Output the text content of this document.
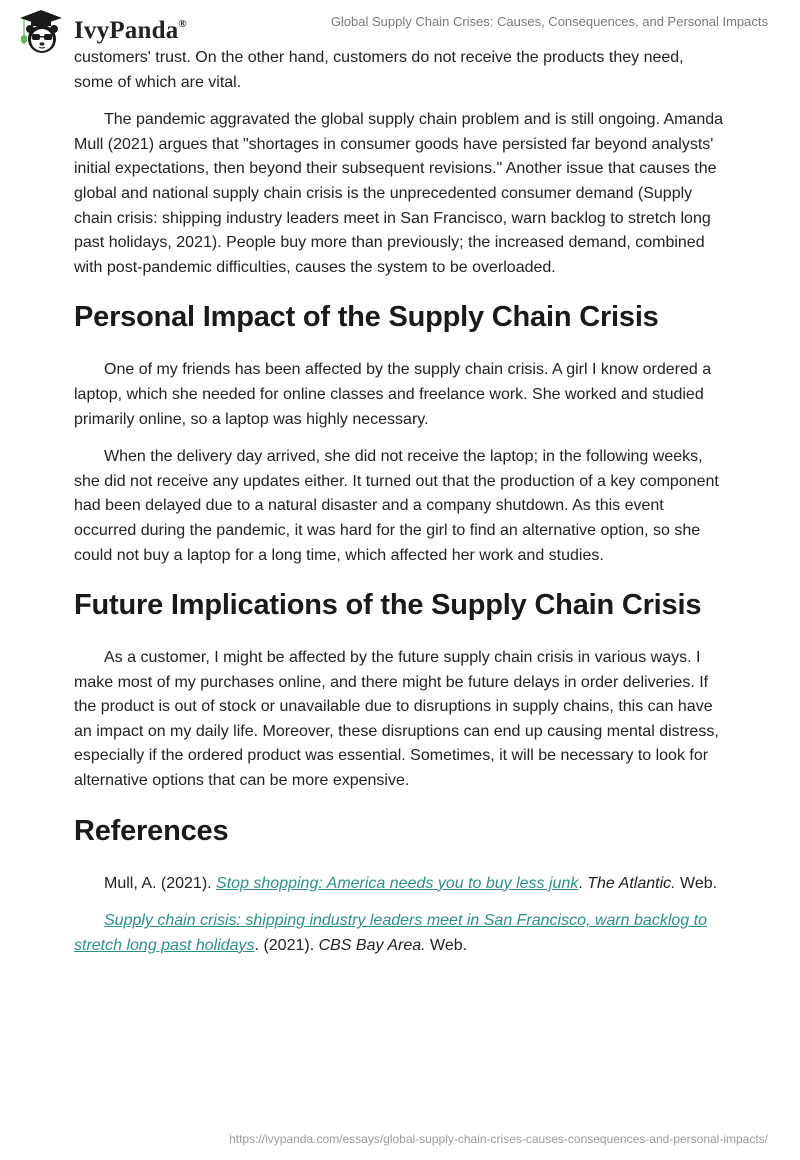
IvyPanda®	Global Supply Chain Crises: Causes, Consequences, and Personal Impacts

customers' trust. On the other hand, customers do not receive the products they need, some of which are vital.

The pandemic aggravated the global supply chain problem and is still ongoing. Amanda Mull (2021) argues that "shortages in consumer goods have persisted far beyond analysts' initial expectations, then beyond their subsequent revisions." Another issue that causes the global and national supply chain crisis is the unprecedented consumer demand (Supply chain crisis: shipping industry leaders meet in San Francisco, warn backlog to stretch long past holidays, 2021). People buy more than previously; the increased demand, combined with post-pandemic difficulties, causes the system to be overloaded.

Personal Impact of the Supply Chain Crisis

One of my friends has been affected by the supply chain crisis. A girl I know ordered a laptop, which she needed for online classes and freelance work. She worked and studied primarily online, so a laptop was highly necessary.

When the delivery day arrived, she did not receive the laptop; in the following weeks, she did not receive any updates either. It turned out that the production of a key component had been delayed due to a natural disaster and a company shutdown. As this event occurred during the pandemic, it was hard for the girl to find an alternative option, so she could not buy a laptop for a long time, which affected her work and studies.

Future Implications of the Supply Chain Crisis

As a customer, I might be affected by the future supply chain crisis in various ways. I make most of my purchases online, and there might be future delays in order deliveries. If the product is out of stock or unavailable due to disruptions in supply chains, this can have an impact on my daily life. Moreover, these disruptions can end up causing mental distress, especially if the ordered product was essential. Sometimes, it will be necessary to look for alternative options that can be more expensive.

References

Mull, A. (2021). Stop shopping: America needs you to buy less junk. The Atlantic. Web.

Supply chain crisis: shipping industry leaders meet in San Francisco, warn backlog to stretch long past holidays. (2021). CBS Bay Area. Web.

https://ivypanda.com/essays/global-supply-chain-crises-causes-consequences-and-personal-impacts/
